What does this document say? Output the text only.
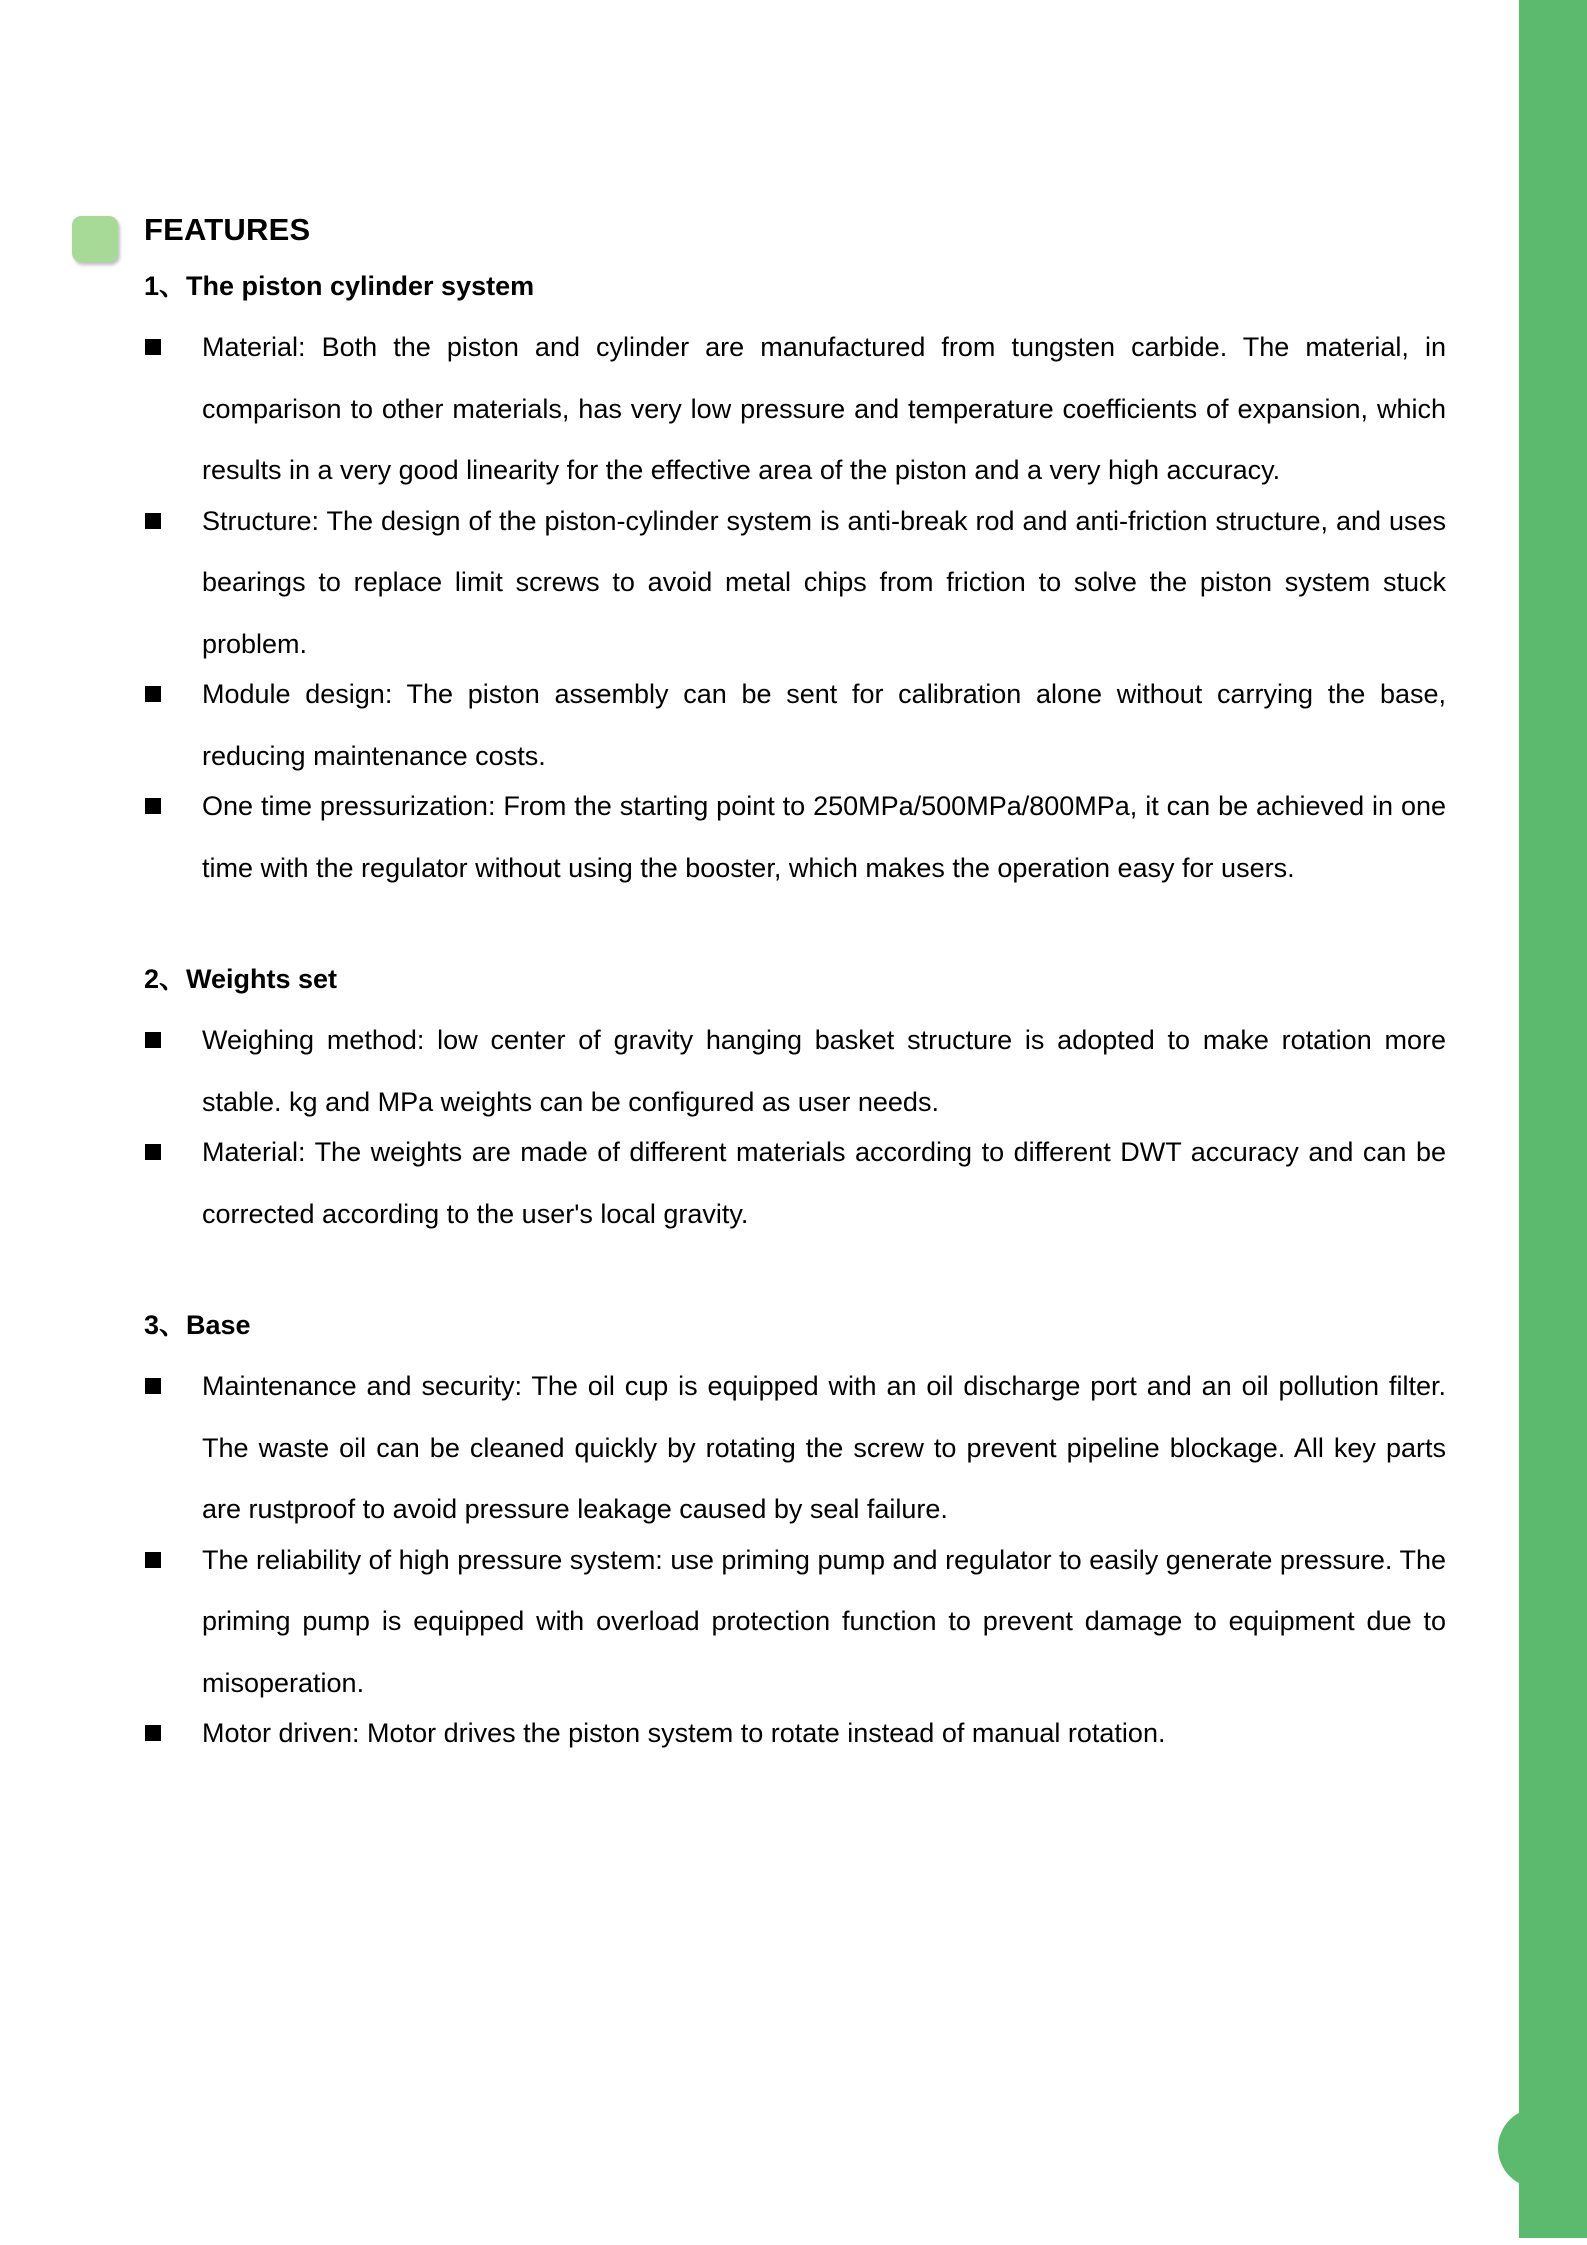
FEATURES
1、The piston cylinder system
Material: Both the piston and cylinder are manufactured from tungsten carbide. The material, in comparison to other materials, has very low pressure and temperature coefficients of expansion, which results in a very good linearity for the effective area of the piston and a very high accuracy.
Structure: The design of the piston-cylinder system is anti-break rod and anti-friction structure, and uses bearings to replace limit screws to avoid metal chips from friction to solve the piston system stuck problem.
Module design: The piston assembly can be sent for calibration alone without carrying the base, reducing maintenance costs.
One time pressurization: From the starting point to 250MPa/500MPa/800MPa, it can be achieved in one time with the regulator without using the booster, which makes the operation easy for users.
2、Weights set
Weighing method: low center of gravity hanging basket structure is adopted to make rotation more stable. kg and MPa weights can be configured as user needs.
Material: The weights are made of different materials according to different DWT accuracy and can be corrected according to the user's local gravity.
3、Base
Maintenance and security: The oil cup is equipped with an oil discharge port and an oil pollution filter. The waste oil can be cleaned quickly by rotating the screw to prevent pipeline blockage. All key parts are rustproof to avoid pressure leakage caused by seal failure.
The reliability of high pressure system: use priming pump and regulator to easily generate pressure. The priming pump is equipped with overload protection function to prevent damage to equipment due to misoperation.
Motor driven: Motor drives the piston system to rotate instead of manual rotation.
